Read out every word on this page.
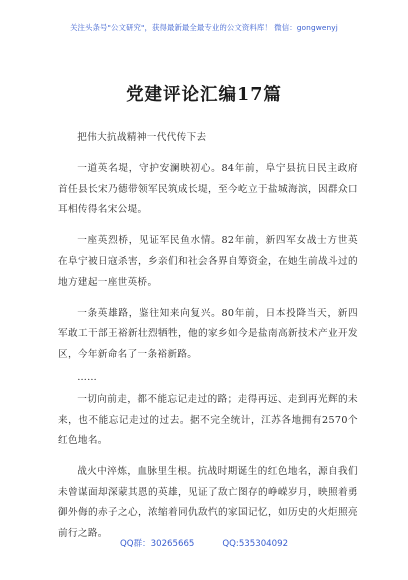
关注头条号"公文研究"，获得最新最全最专业的公文资料库！ 微信：gongwenyj
党建评论汇编17篇

把伟大抗战精神一代代传下去

一道英名堤，守护安澜映初心。84年前，阜宁县抗日民主政府首任县长宋乃德带领军民筑成长堤，至今屹立于盐城海滨，因群众口耳相传得名宋公堤。

一座英烈桥，见证军民鱼水情。82年前，新四军女战士方世英在阜宁被日寇杀害，乡亲们和社会各界自筹资金，在她生前战斗过的地方建起一座世英桥。

一条英雄路，鉴往知来向复兴。80年前，日本投降当天，新四军敢工干部王裕新壮烈牺牲，他的家乡如今是盐南高新技术产业开发区，今年新命名了一条裕新路。

……

一切向前走，都不能忘记走过的路；走得再远、走到再光辉的未来，也不能忘记走过的过去。据不完全统计，江苏各地拥有2570个红色地名。

战火中淬炼，血脉里生根。抗战时期诞生的红色地名，源自我们未曾谋面却深蒙其恩的英雄，见证了敌亡图存的峥嵘岁月，映照着勇御外侮的赤子之心，浓缩着同仇敌忾的家国记忆，如历史的火炬照亮前行之路。

QQ群：30265665	QQ:535304092
